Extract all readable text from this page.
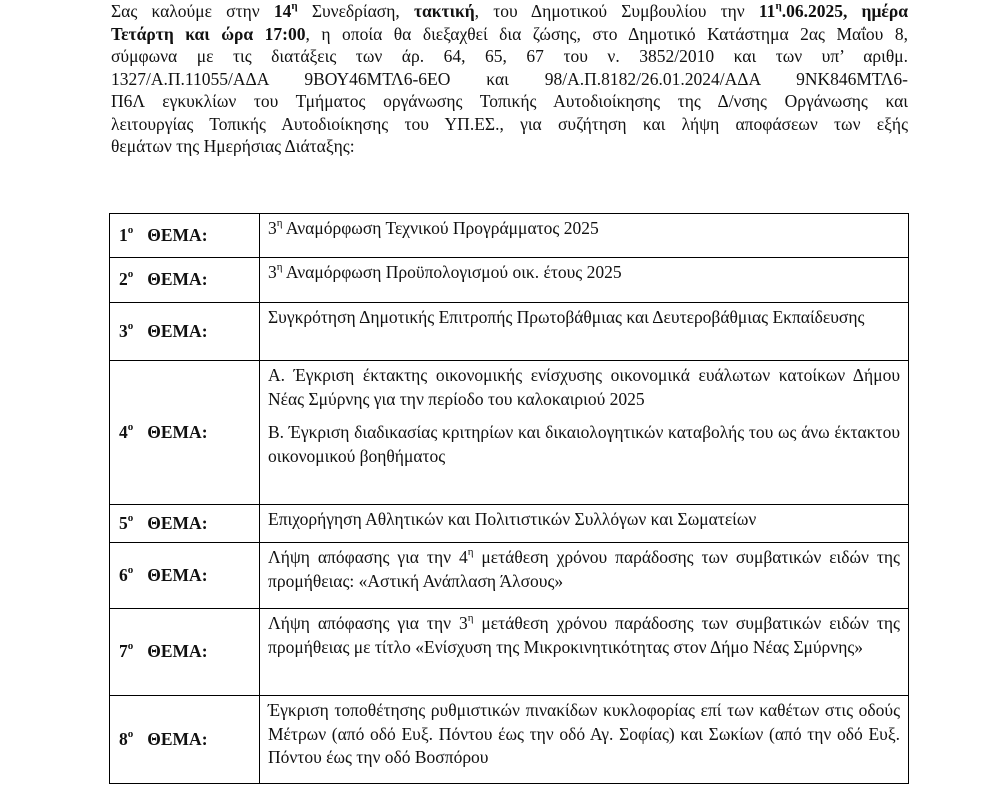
Σας καλούμε στην $14^\eta$ Συνεδρίαση, τακτική, του Δημοτικού Συμβουλίου την $11^\eta.06.2025$, ημέρα
Τετάρτη και ώρα 17:00, η οποία θα διεξαχθεί δια ζώσης, στο Δημοτικό Κατάστημα 2ας Μαΐου 8,
σύμφωνα με τις διατάξεις των άρ. 64, 65, 67 του ν. 3852/2010 και των υπ’ αριθμ.
1327/Α.Π.11055/ΑΔΑ 9ΒΟΥ46ΜΤΛ6-6ΕΟ και 98/Α.Π.8182/26.01.2024/ΑΔΑ 9ΝΚ846ΜΤΛ6-
Π6Λ εγκυκλίων του Τμήματος οργάνωσης Τοπικής Αυτοδιοίκησης της Δ/νσης Οργάνωσης και
λειτουργίας Τοπικής Αυτοδιοίκησης του ΥΠ.ΕΣ., για συζήτηση και λήψη αποφάσεων των εξής
θεμάτων της Ημερήσιας Διάταξης:
$1^o$ ΘΕΜΑ:	$3^\eta$ Αναμόρφωση Τεχνικού Προγράμματος 2025

$2^o$ ΘΕΜΑ:	$3^\eta$ Αναμόρφωση Προϋπολογισμού οικ. έτους 2025

$3^o$ ΘΕΜΑ:	Συγκρότηση Δημοτικής Επιτροπής Πρωτοβάθμιας και Δευτεροβάθμιας Εκπαίδευσης

$4^o$ ΘΕΜΑ:	Α. Έγκριση έκτακτης οικονομικής ενίσχυσης οικονομικά ευάλωτων κατοίκων Δήμου Νέας Σμύρνης για την περίοδο του καλοκαιριού 2025

Β. Έγκριση διαδικασίας κριτηρίων και δικαιολογητικών καταβολής του ως άνω έκτακτου οικονομικού βοηθήματος

$5^o$ ΘΕΜΑ:	Επιχορήγηση Αθλητικών και Πολιτιστικών Συλλόγων και Σωματείων

$6^o$ ΘΕΜΑ:	Λήψη απόφασης για την $4^\eta$ μετάθεση χρόνου παράδοσης των συμβατικών ειδών της προμήθειας: «Αστική Ανάπλαση Άλσους»

$7^o$ ΘΕΜΑ:	Λήψη απόφασης για την $3^\eta$ μετάθεση χρόνου παράδοσης των συμβατικών ειδών της προμήθειας με τίτλο «Ενίσχυση της Μικροκινητικότητας στον Δήμο Νέας Σμύρνης»

$8^o$ ΘΕΜΑ:	Έγκριση τοποθέτησης ρυθμιστικών πινακίδων κυκλοφορίας επί των καθέτων στις οδούς Μέτρων (από οδό Ευξ. Πόντου έως την οδό Αγ. Σοφίας) και Σωκίων (από την οδό Ευξ. Πόντου έως την οδό Βοσπόρου
